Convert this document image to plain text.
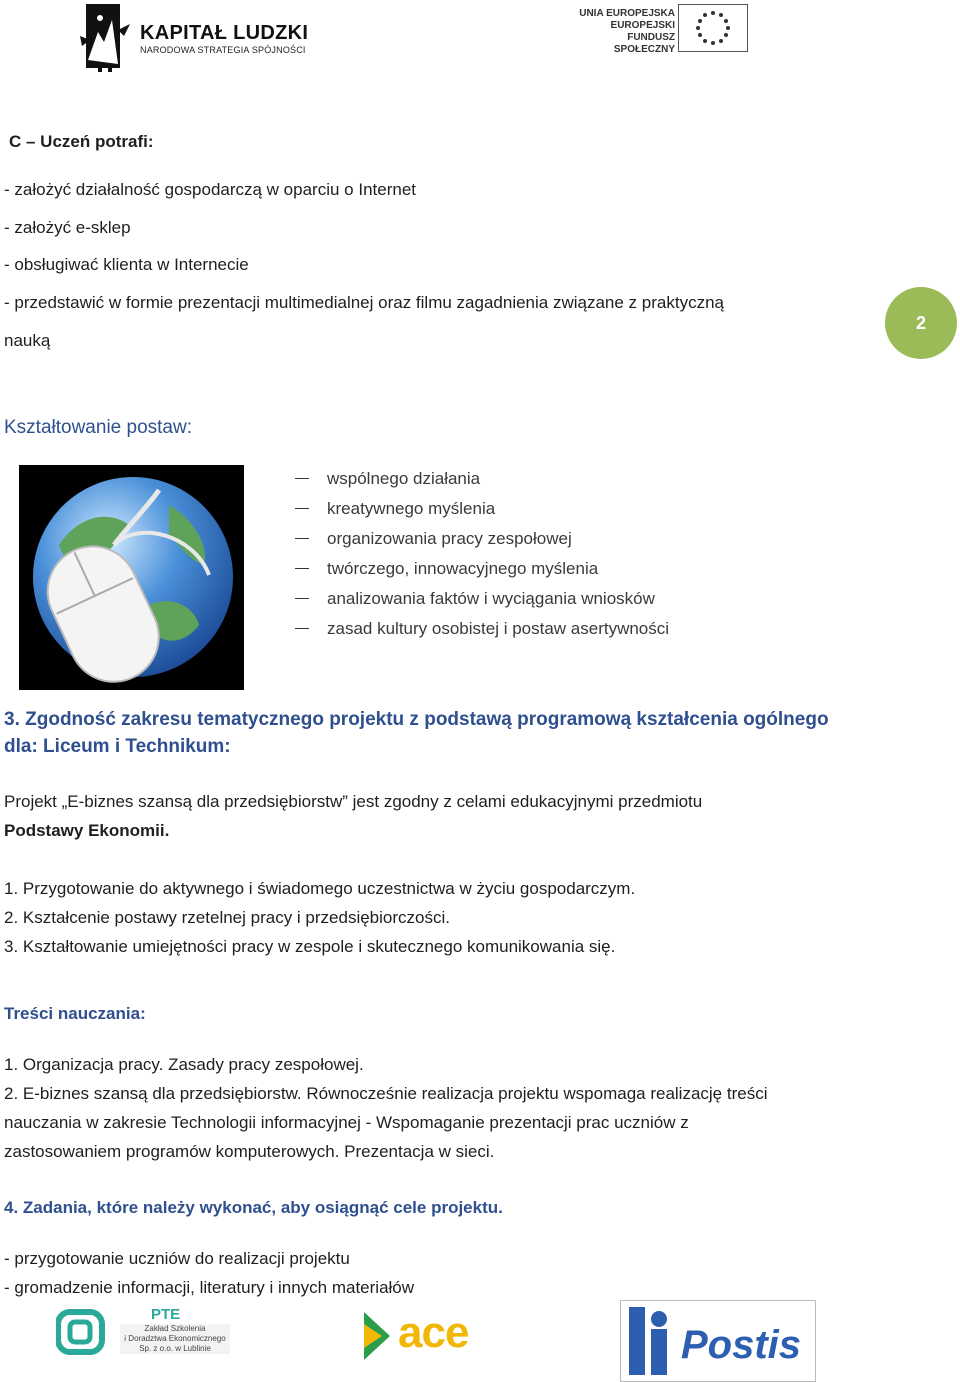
KAPITAŁ LUDZKI
NARODOWA STRATEGIA SPÓJNOŚCI
UNIA EUROPEJSKA
EUROPEJSKI
FUNDUSZ SPOŁECZNY
C – Uczeń potrafi:
- założyć działalność gospodarczą w oparciu o Internet
- założyć e-sklep
- obsługiwać klienta w Internecie
- przedstawić w formie prezentacji multimedialnej oraz filmu zagadnienia związane z praktyczną
nauką
2
Kształtowanie postaw:
wspólnego działania
kreatywnego myślenia
organizowania pracy zespołowej
twórczego, innowacyjnego myślenia
analizowania faktów i wyciągania wniosków
zasad kultury osobistej i postaw asertywności
3. Zgodność zakresu tematycznego projektu z podstawą programową kształcenia ogólnego
dla: Liceum i Technikum:
Projekt „E-biznes szansą dla przedsiębiorstw” jest zgodny z celami edukacyjnymi przedmiotu
Podstawy Ekonomii.
1. Przygotowanie do aktywnego i świadomego uczestnictwa w życiu gospodarczym.
2. Kształcenie postawy rzetelnej pracy i przedsiębiorczości.
3. Kształtowanie umiejętności pracy w zespole i skutecznego komunikowania się.
Treści nauczania:
1. Organizacja pracy. Zasady pracy zespołowej.
2. E-biznes szansą dla przedsiębiorstw. Równocześnie realizacja projektu wspomaga realizację treści
nauczania w zakresie Technologii informacyjnej - Wspomaganie prezentacji prac uczniów z
zastosowaniem programów komputerowych. Prezentacja w sieci.
4. Zadania, które należy wykonać, aby osiągnąć cele projektu.
- przygotowanie uczniów do realizacji projektu
- gromadzenie informacji, literatury i innych materiałów
PTE
Zakład Szkolenia
i Doradztwa Ekonomicznego
Sp. z o.o. w Lublinie	ace	Postis
